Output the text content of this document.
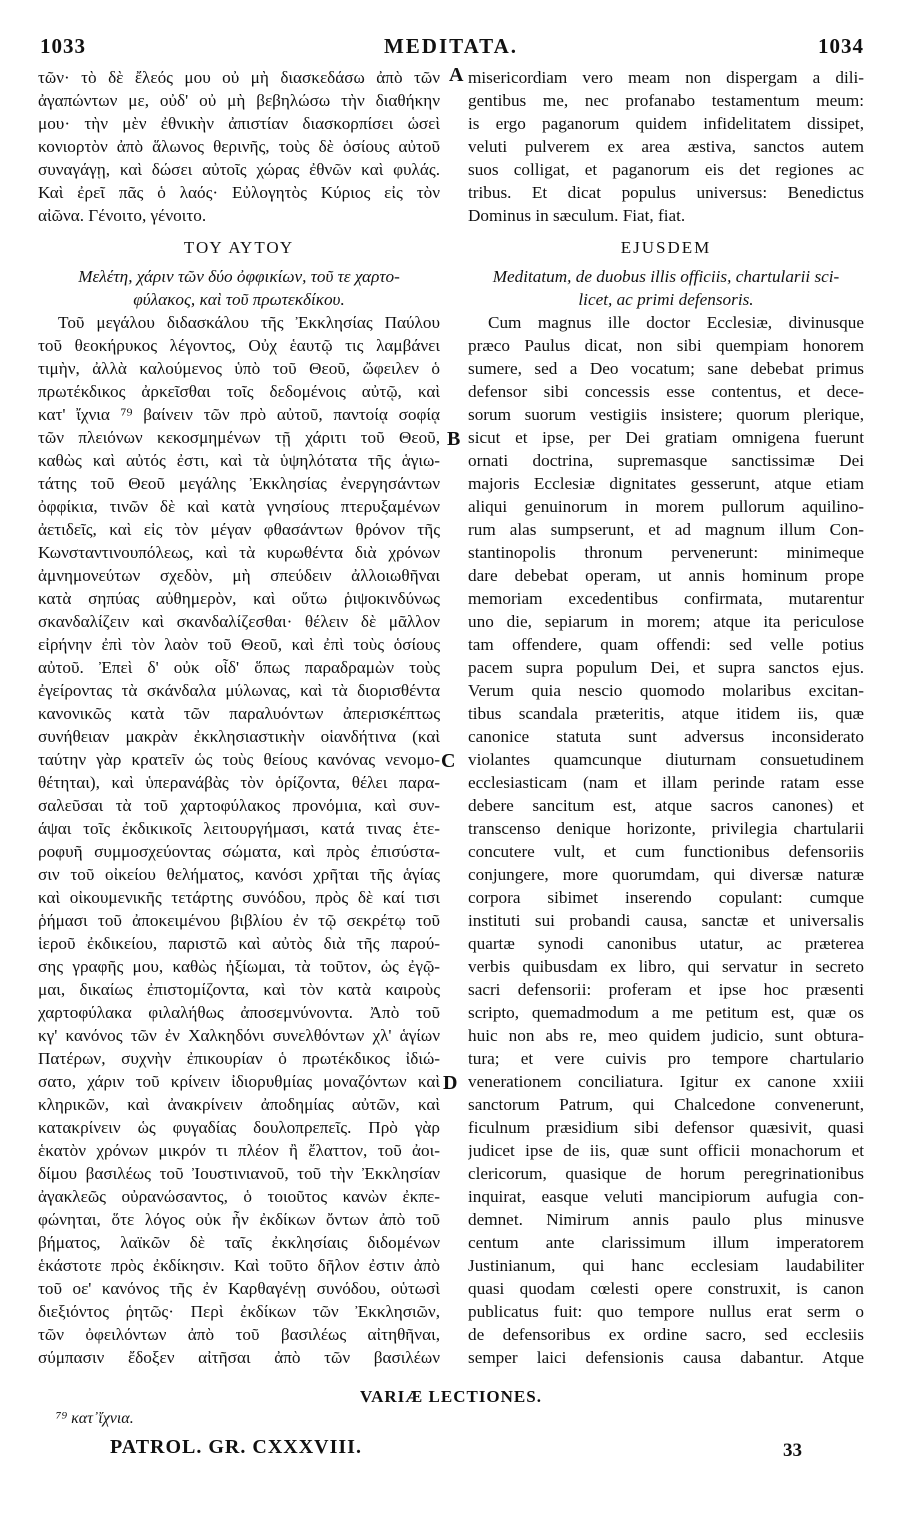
1033	MEDITATA.	1034
τῶν· τὸ δὲ ἔλεός μου οὐ μὴ διασκεδάσω ἀπὸ τῶν
ἀγαπώντων με, οὐδ' οὐ μὴ βεβηλώσω τὴν διαθήκην
μου· τὴν μὲν ἐθνικὴν ἀπιστίαν διασκορπίσει ὡσεὶ
κονιορτὸν ἀπὸ ἅλωνος θερινῆς, τοὺς δὲ ὁσίους αὐτοῦ
συναγάγῃ, καὶ δώσει αὐτοῖς χώρας ἐθνῶν καὶ φυλάς.
Καὶ ἐρεῖ πᾶς ὁ λαός· Εὐλογητὸς Κύριος εἰς τὸν
αἰῶνα. Γένοιτο, γένοιτο.
ΤΟΥ ΑΥΤΟΥ
Μελέτη, χάριν τῶν δύο ὀφφικίων, τοῦ τε χαρτο-
φύλακος, καὶ τοῦ πρωτεκδίκου.
Τοῦ μεγάλου διδασκάλου τῆς Ἐκκλησίας Παύλου
τοῦ θεοκήρυκος λέγοντος, Οὐχ ἑαυτῷ τις λαμβάνει
τιμὴν, ἀλλὰ καλούμενος ὑπὸ τοῦ Θεοῦ, ὤφειλεν ὁ
πρωτέκδικος ἀρκεῖσθαι τοῖς δεδομένοις αὐτῷ, καὶ
κατ' ἴχνια ⁷⁹ βαίνειν τῶν πρὸ αὐτοῦ, παντοίᾳ σοφίᾳ
τῶν πλειόνων κεκοσμημένων τῇ χάριτι τοῦ Θεοῦ,
καθὼς καὶ αὐτός ἐστι, καὶ τὰ ὑψηλότατα τῆς ἁγιω-
τάτης τοῦ Θεοῦ μεγάλης Ἐκκλησίας ἐνεργησάντων
ὀφφίκια, τινῶν δὲ καὶ κατὰ γνησίους πτερυξαμένων
ἀετιδεῖς, καὶ εἰς τὸν μέγαν φθασάντων θρόνον τῆς
Κωνσταντινουπόλεως, καὶ τὰ κυρωθέντα διὰ χρόνων
ἀμνημονεύτων σχεδὸν, μὴ σπεύδειν ἀλλοιωθῆναι
κατὰ σηπύας αὐθημερὸν, καὶ οὕτω ῥιψοκινδύνως
σκανδαλίζειν καὶ σκανδαλίζεσθαι· θέλειν δὲ μᾶλλον
εἰρήνην ἐπὶ τὸν λαὸν τοῦ Θεοῦ, καὶ ἐπὶ τοὺς ὁσίους
αὐτοῦ. Ἐπεὶ δ' οὐκ οἶδ' ὅπως παραδραμὼν τοὺς
ἐγείροντας τὰ σκάνδαλα μύλωνας, καὶ τὰ διορισθέντα
κανονικῶς κατὰ τῶν παραλυόντων ἀπερισκέπτως
συνήθειαν μακρὰν ἐκκλησιαστικὴν οἱανδήτινα (καὶ
ταύτην γὰρ κρατεῖν ὡς τοὺς θείους κανόνας νενομο-
θέτηται), καὶ ὑπερανάβὰς τὸν ὁρίζοντα, θέλει παρα-
σαλεῦσαι τὰ τοῦ χαρτοφύλακος προνόμια, καὶ συν-
άψαι τοῖς ἐκδικικοῖς λειτουργήμασι, κατά τινας ἑτε-
ροφυῆ συμμοσχεύοντας σώματα, καὶ πρὸς ἐπισύστα-
σιν τοῦ οἰκείου θελήματος, κανόσι χρῆται τῆς ἁγίας
καὶ οἰκουμενικῆς τετάρτης συνόδου, πρὸς δὲ καί τισι
ῥήμασι τοῦ ἀποκειμένου βιβλίου ἐν τῷ σεκρέτῳ τοῦ
ἱεροῦ ἐκδικείου, παριστῶ καὶ αὐτὸς διὰ τῆς παρού-
σης γραφῆς μου, καθὼς ἠξίωμαι, τὰ τοῦτον, ὡς ἐγῷ-
μαι, δικαίως ἐπιστομίζοντα, καὶ τὸν κατὰ καιροὺς
χαρτοφύλακα φιλαλήθως ἀποσεμνύνοντα. Ἀπὸ τοῦ
κγ' κανόνος τῶν ἐν Χαλκηδόνι συνελθόντων χλ' ἁγίων
Πατέρων, συχνὴν ἐπικουρίαν ὁ πρωτέκδικος ἰδιώ-
σατο, χάριν τοῦ κρίνειν ἰδιορυθμίας μοναζόντων καὶ
κληρικῶν, καὶ ἀνακρίνειν ἀποδημίας αὐτῶν, καὶ
κατακρίνειν ὡς φυγαδίας δουλοπρεπεῖς. Πρὸ γὰρ
ἑκατὸν χρόνων μικρόν τι πλέον ἢ ἔλαττον, τοῦ ἀοι-
δίμου βασιλέως τοῦ Ἰουστινιανοῦ, τοῦ τὴν Ἐκκλησίαν
ἀγακλεῶς οὐρανώσαντος, ὁ τοιοῦτος κανὼν ἐκπε-
φώνηται, ὅτε λόγος οὐκ ἦν ἐκδίκων ὄντων ἀπὸ τοῦ
βήματος, λαϊκῶν δὲ ταῖς ἐκκλησίαις διδομένων
ἑκάστοτε πρὸς ἐκδίκησιν. Καὶ τοῦτο δῆλον ἐστιν ἀπὸ
τοῦ οε' κανόνος τῆς ἐν Καρθαγένῃ συνόδου, οὑτωσὶ
διεξιόντος ῥητῶς· Περὶ ἐκδίκων τῶν Ἐκκλησιῶν,
τῶν ὀφειλόντων ἀπὸ τοῦ βασιλέως αἰτηθῆναι,
σύμπασιν ἔδοξεν αἰτῆσαι ἀπὸ τῶν βασιλέων
misericordiam vero meam non dispergam a dili-
gentibus me, nec profanabo testamentum meum:
is ergo paganorum quidem infidelitatem dissipet,
veluti pulverem ex area æstiva, sanctos autem
suos colligat, et paganorum eis det regiones ac
tribus. Et dicat populus universus: Benedictus
Dominus in sæculum. Fiat, fiat.
EJUSDEM
Meditatum, de duobus illis officiis, chartularii sci-
licet, ac primi defensoris.
Cum magnus ille doctor Ecclesiæ, divinusque
præco Paulus dicat, non sibi quempiam honorem
sumere, sed a Deo vocatum; sane debebat primus
defensor sibi concessis esse contentus, et dece-
sorum suorum vestigiis insistere; quorum plerique,
sicut et ipse, per Dei gratiam omnigena fuerunt
ornati doctrina, supremasque sanctissimæ Dei
majoris Ecclesiæ dignitates gesserunt, atque etiam
aliqui genuinorum in morem pullorum aquilino-
rum alas sumpserunt, et ad magnum illum Con-
stantinopolis thronum pervenerunt: minimeque
dare debebat operam, ut annis hominum prope
memoriam excedentibus confirmata, mutarentur
uno die, sepiarum in morem; atque ita periculose
tam offendere, quam offendi: sed velle potius
pacem supra populum Dei, et supra sanctos ejus.
Verum quia nescio quomodo molaribus excitan-
tibus scandala prætеritis, atque itidem iis, quæ
canonice statuta sunt adversus inconsiderato
violantes quamcunque diuturnam consuetudinem
ecclesiasticam (nam et illam perinde ratam esse
debere sancitum est, atque sacros canones) et
transcenso denique horizonte, privilegia chartularii
concutere vult, et cum functionibus defensoriis
conjungere, more quorumdam, qui diversæ naturæ
corpora sibimet inserendo copulant: cumque
instituti sui probandi causa, sanctæ et universalis
quartæ synodi canonibus utatur, ac præterea
verbis quibusdam ex libro, qui servatur in secreto
sacri defensorii: proferam et ipse hoc præsenti
scripto, quemadmodum a me petitum est, quæ os
huic non abs re, meo quidem judicio, sunt obtura-
tura; et vere cuivis pro tempore chartulario
venerationem conciliatura. Igitur ex canone xxiii
sanctorum Patrum, qui Chalcedone convenerunt,
ficulnum præsidium sibi defensor quæsivit, quasi
judicet ipse de iis, quæ sunt officii monachorum et
clericorum, quasique de horum peregrinationibus
inquirat, easque veluti mancipiorum aufugia con-
demnet. Nimirum annis paulo plus minusve
centum ante clarissimum illum imperatorem
Justinianum, qui hanc ecclesiam laudabiliter
quasi quodam cœlesti opere construxit, is canon
publicatus fuit: quo tempore nullus erat serm o
de defensoribus ex ordine sacro, sed ecclesiis
semper laici defensionis causa dabantur. Atque
A
B
C
D
VARIÆ LECTIONES.
⁷⁹ κατ᾽ἴχνια.
PATROL. GR. CXXXVIII.	33
